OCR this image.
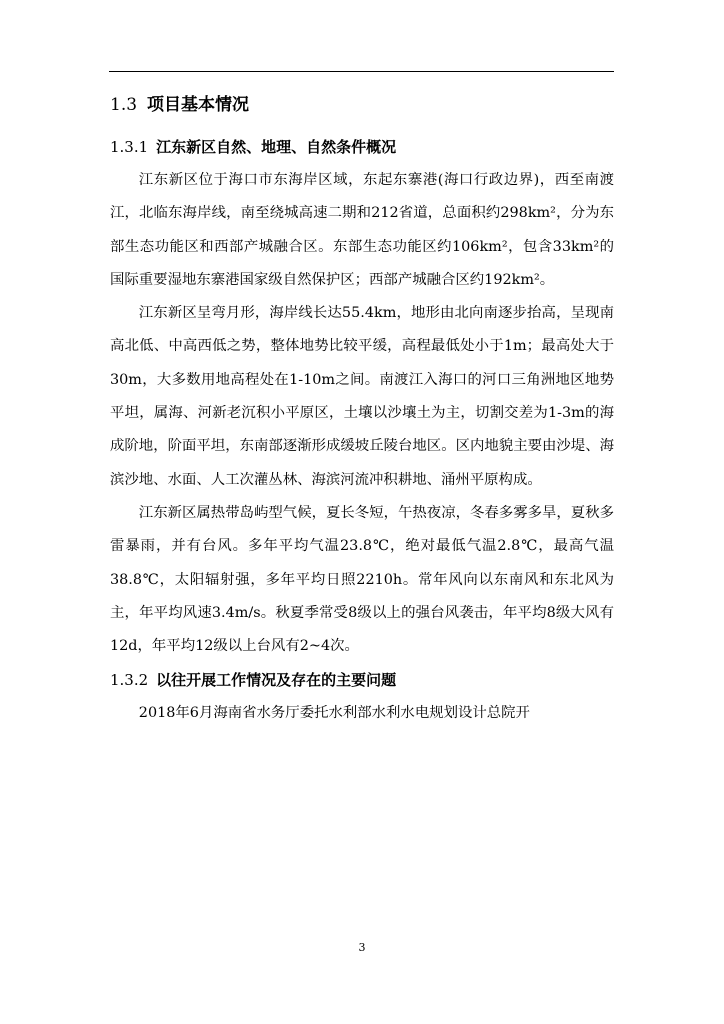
1.3 项目基本情况
1.3.1 江东新区自然、地理、自然条件概况

江东新区位于海口市东海岸区域，东起东寨港(海口行政边界)，西至南渡江，北临东海岸线，南至绕城高速二期和212省道，总面积约298km²，分为东部生态功能区和西部产城融合区。东部生态功能区约106km²，包含33km²的国际重要湿地东寨港国家级自然保护区；西部产城融合区约192km²。

江东新区呈弯月形，海岸线长达55.4km，地形由北向南逐步抬高，呈现南高北低、中高西低之势，整体地势比较平缓，高程最低处小于1m；最高处大于30m，大多数用地高程处在1-10m之间。南渡江入海口的河口三角洲地区地势平坦，属海、河新老沉积小平原区，土壤以沙壤土为主，切割交差为1-3m的海成阶地，阶面平坦，东南部逐渐形成缓坡丘陵台地区。区内地貌主要由沙堤、海滨沙地、水面、人工次灌丛林、海滨河流冲积耕地、涌州平原构成。

江东新区属热带岛屿型气候，夏长冬短，午热夜凉，冬春多雾多旱，夏秋多雷暴雨，并有台风。多年平均气温23.8℃，绝对最低气温2.8℃，最高气温38.8℃，太阳辐射强，多年平均日照2210h。常年风向以东南风和东北风为主，年平均风速3.4m/s。秋夏季常受8级以上的强台风袭击，年平均8级大风有12d，年平均12级以上台风有2~4次。

1.3.2 以往开展工作情况及存在的主要问题

2018年6月海南省水务厅委托水利部水利水电规划设计总院开

3
